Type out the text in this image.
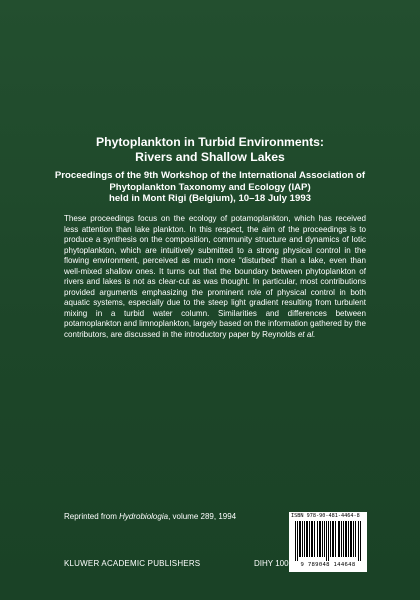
Phytoplankton in Turbid Environments:
Rivers and Shallow Lakes
Proceedings of the 9th Workshop of the International Association of
Phytoplankton Taxonomy and Ecology (IAP)
held in Mont Rigi (Belgium), 10–18 July 1993

These proceedings focus on the ecology of potamoplankton, which has received less attention than lake plankton. In this respect, the aim of the proceedings is to produce a synthesis on the composition, community structure and dynamics of lotic phytoplankton, which are intuitively submitted to a strong physical control in the flowing environment, perceived as much more “disturbed” than a lake, even than well-mixed shallow ones. It turns out that the boundary between phytoplankton of rivers and lakes is not as clear-cut as was thought. In particular, most contributions provided arguments emphasizing the prominent role of physical control in both aquatic systems, especially due to the steep light gradient resulting from turbulent mixing in a turbid water column. Similarities and differences between potamoplankton and limnoplankton, largely based on the information gathered by the contributors, are discussed in the introductory paper by Reynolds et al.

Reprinted from Hydrobiologia, volume 289, 1994

KLUWER ACADEMIC PUBLISHERS	DIHY 100
ISBN 978-90-481-4464-8
9 789048 144648
